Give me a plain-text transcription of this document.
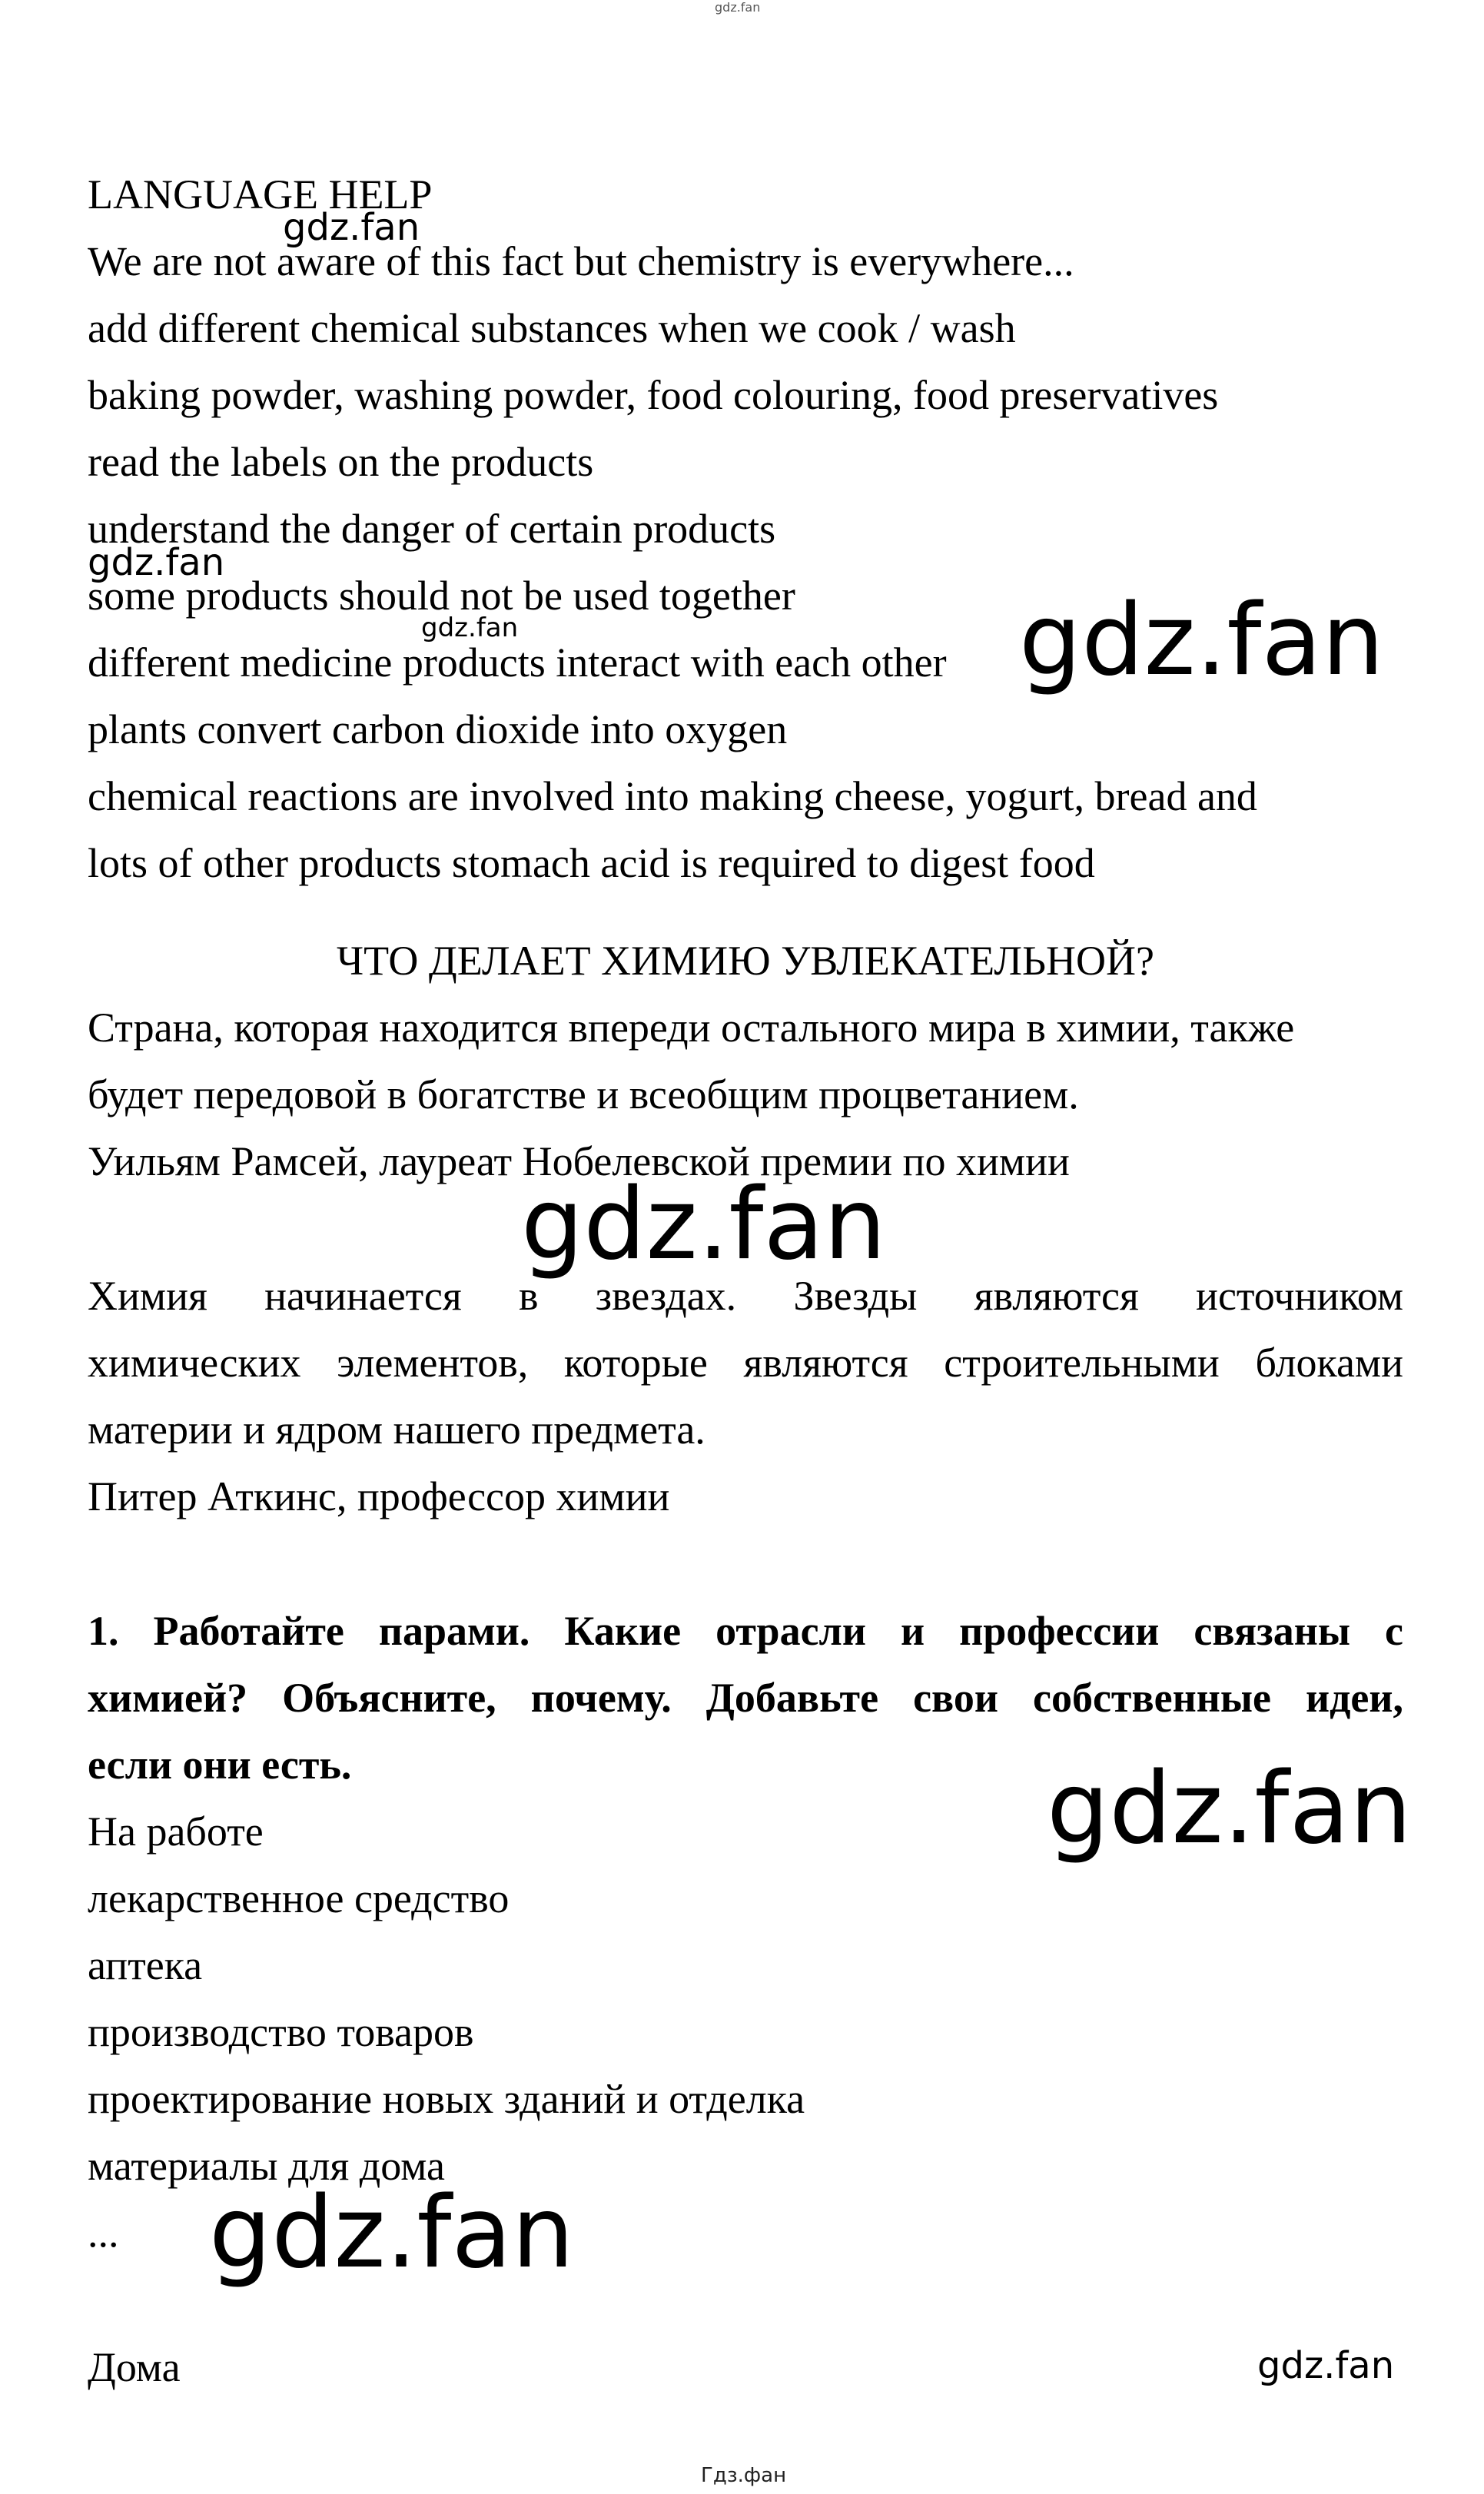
LANGUAGE HELP
We are not aware of this fact but chemistry is everywhere...
add different chemical substances when we cook / wash
baking powder, washing powder, food colouring, food preservatives
read the labels on the products
understand the danger of certain products
some products should not be used together
different medicine products interact with each other
plants convert carbon dioxide into oxygen
chemical reactions are involved into making cheese, yogurt, bread and
lots of other products stomach acid is required to digest food
ЧТО ДЕЛАЕТ ХИМИЮ УВЛЕКАТЕЛЬНОЙ?
Страна, которая находится впереди остального мира в химии, также
будет передовой в богатстве и всеобщим процветанием.
Уильям Рамсей, лауреат Нобелевской премии по химии
Химия начинается в звездах. Звезды являются источником
химических элементов, которые являются строительными блоками
материи и ядром нашего предмета.
Питер Аткинс, профессор химии
1. Работайте парами. Какие отрасли и профессии связаны с
химией? Объясните, почему. Добавьте свои собственные идеи,
если они есть.
На работе
лекарственное средство
аптека
производство товаров
проектирование новых зданий и отделка
материалы для дома
...
Дома
gdz.fan
gdz.fan
gdz.fan
gdz.fan	gdz.fan
gdz.fan
gdz.fan
gdz.fan
gdz.fan
Гдз.фан
